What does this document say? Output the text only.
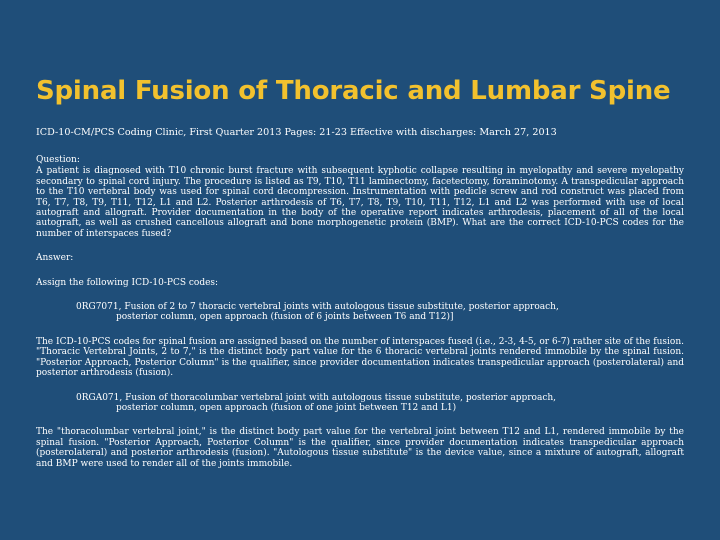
Spinal Fusion of Thoracic and Lumbar Spine
ICD-10-CM/PCS Coding Clinic, First Quarter 2013 Pages: 21-23 Effective with discharges: March 27, 2013

Question:

A patient is diagnosed with T10 chronic burst fracture with subsequent kyphotic collapse resulting in myelopathy and severe myelopathy secondary to spinal cord injury. The procedure is listed as T9, T10, T11 laminectomy, facetectomy, foraminotomy. A transpedicular approach to the T10 vertebral body was used for spinal cord decompression. Instrumentation with pedicle screw and rod construct was placed from T6, T7, T8, T9, T11, T12, L1 and L2. Posterior arthrodesis of T6, T7, T8, T9, T10, T11, T12, L1 and L2 was performed with use of local autograft and allograft. Provider documentation in the body of the operative report indicates arthrodesis, placement of all of the local autograft, as well as crushed cancellous allograft and bone morphogenetic protein (BMP). What are the correct ICD-10-PCS codes for the number of interspaces fused?

Answer:

Assign the following ICD-10-PCS codes:

0RG7071, Fusion of 2 to 7 thoracic vertebral joints with autologous tissue substitute, posterior approach,

posterior column, open approach (fusion of 6 joints between T6 and T12)]

The ICD-10-PCS codes for spinal fusion are assigned based on the number of interspaces fused (i.e., 2-3, 4-5, or 6-7) rather site of the fusion. "Thoracic Vertebral Joints, 2 to 7," is the distinct body part value for the 6 thoracic vertebral joints rendered immobile by the spinal fusion. "Posterior Approach, Posterior Column" is the qualifier, since provider documentation indicates transpedicular approach (posterolateral) and posterior arthrodesis (fusion).

0RGA071, Fusion of thoracolumbar vertebral joint with autologous tissue substitute, posterior approach,

posterior column, open approach (fusion of one joint between T12 and L1)

The "thoracolumbar vertebral joint," is the distinct body part value for the vertebral joint between T12 and L1, rendered immobile by the spinal fusion. "Posterior Approach, Posterior Column" is the qualifier, since provider documentation indicates transpedicular approach (posterolateral) and posterior arthrodesis (fusion). "Autologous tissue substitute" is the device value, since a mixture of autograft, allograft and BMP were used to render all of the joints immobile.
